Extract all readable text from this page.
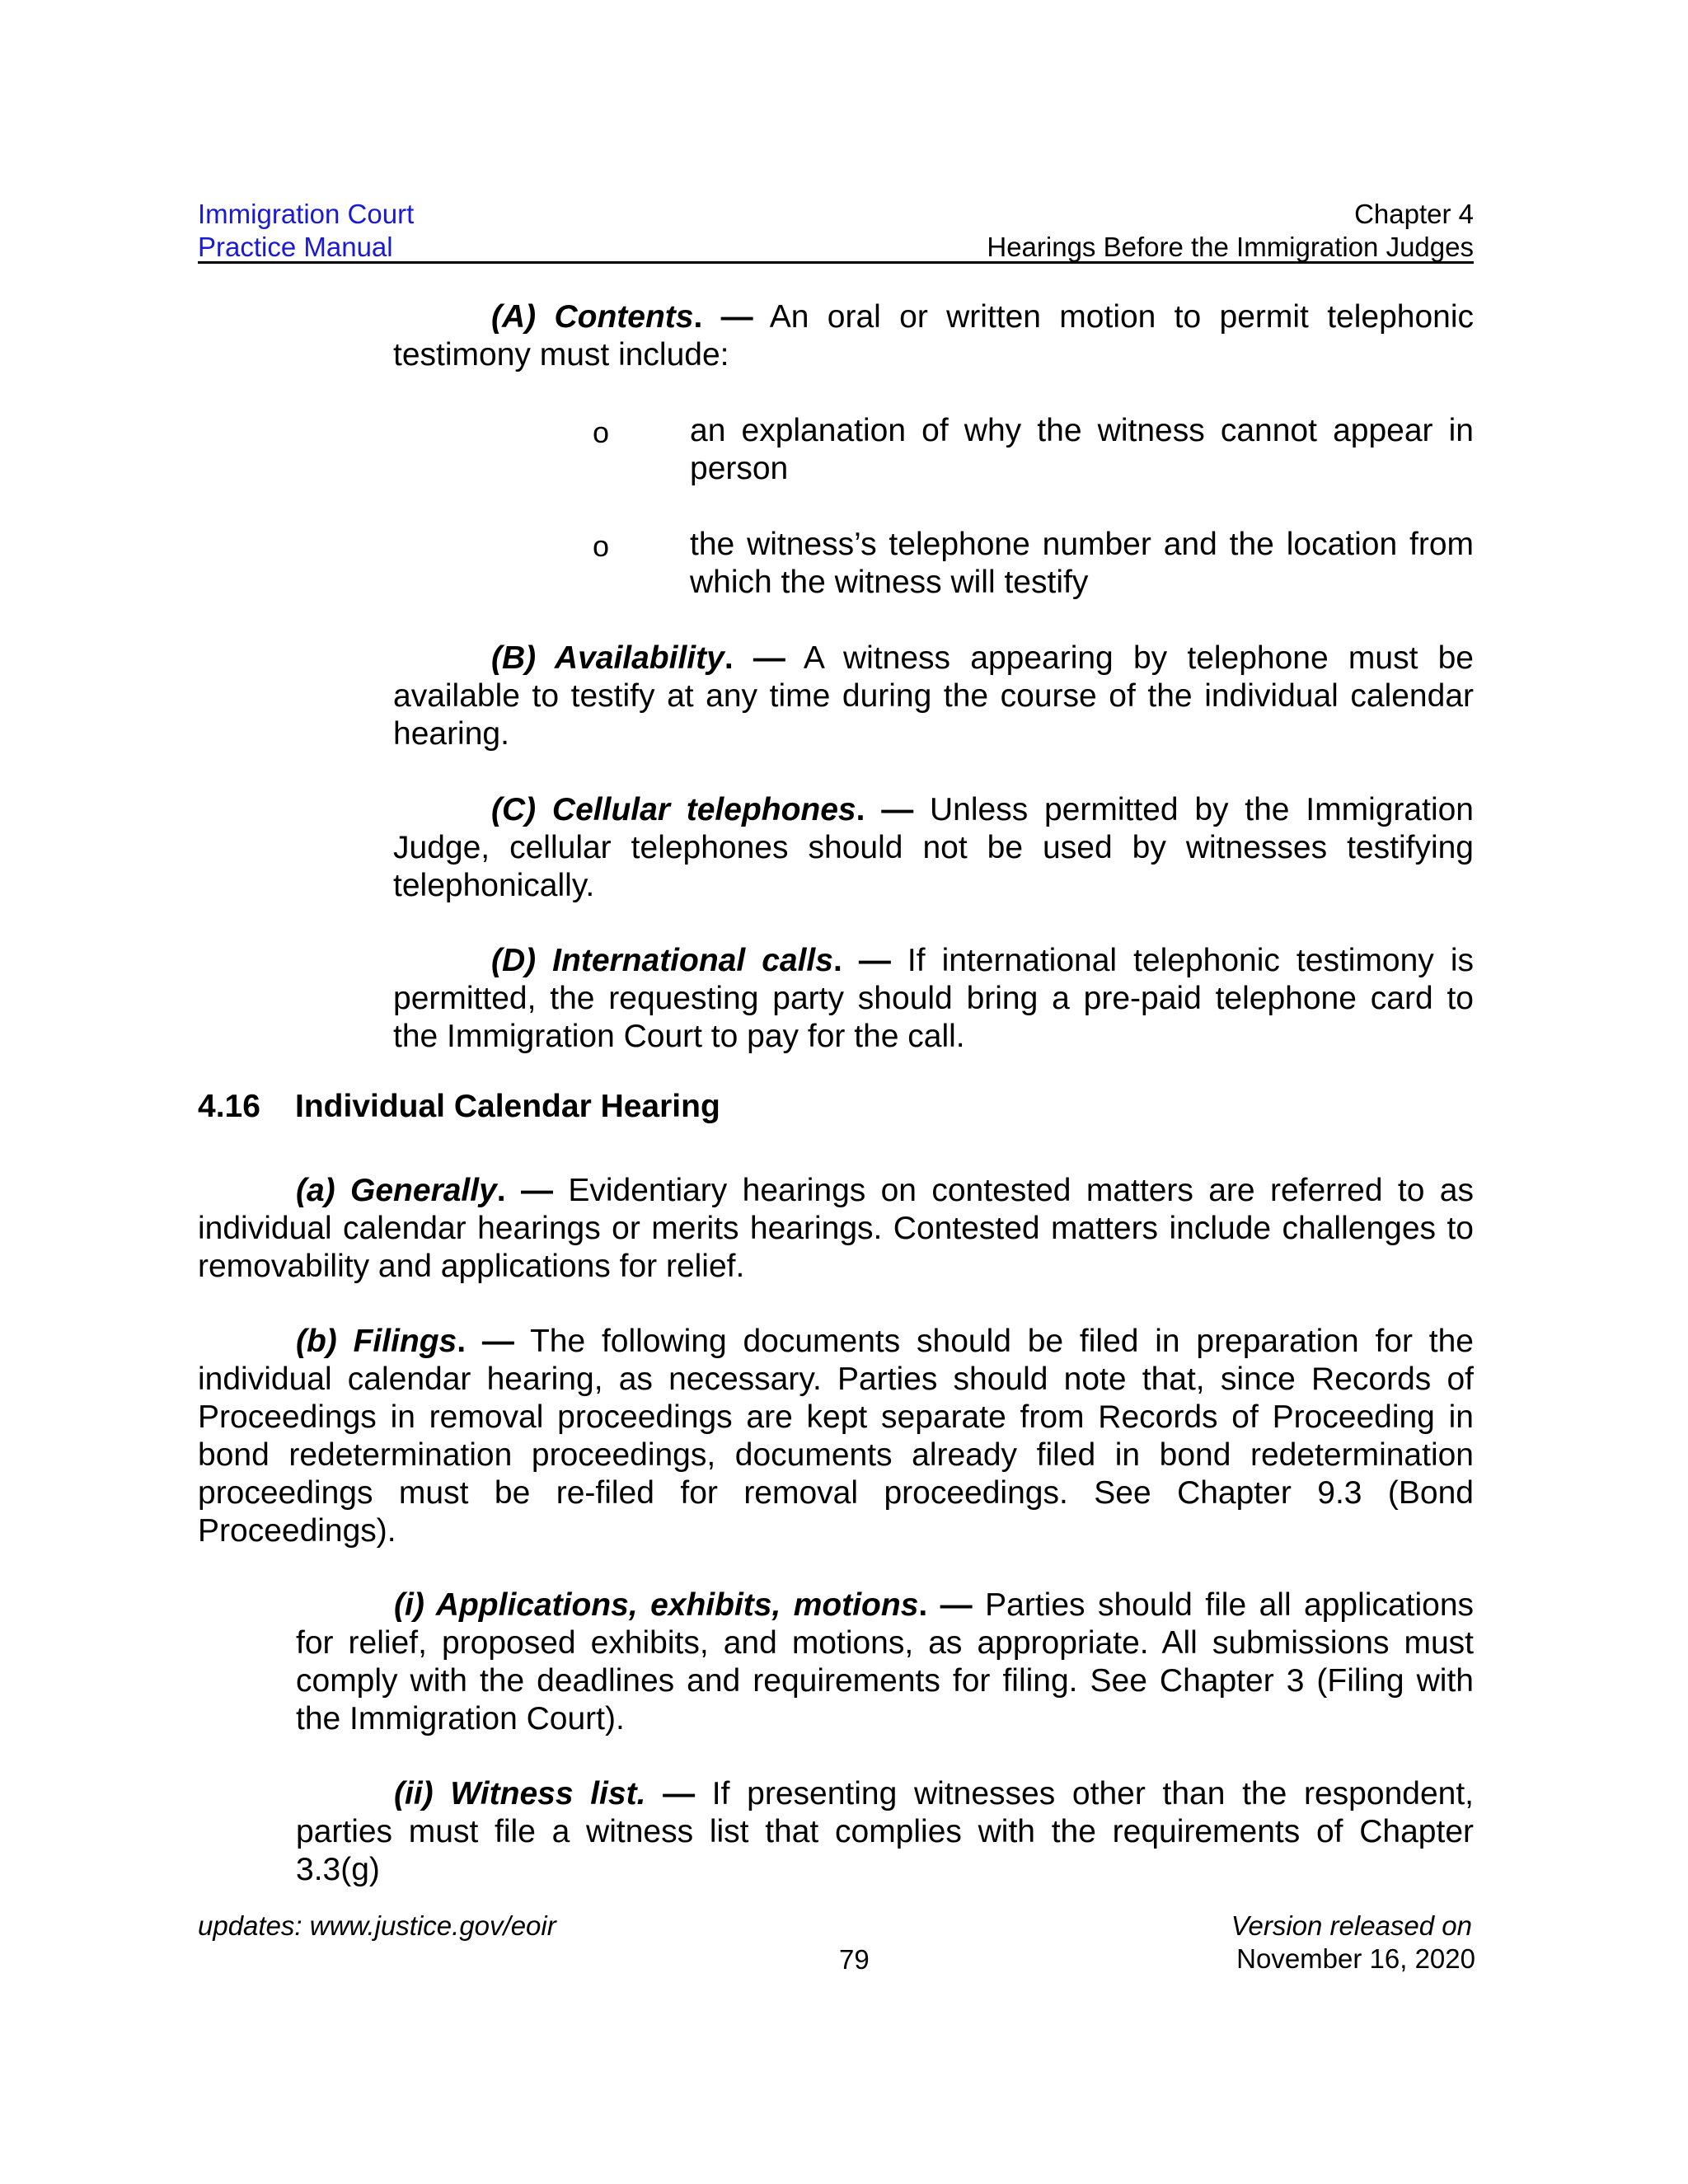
Immigration Court
Practice Manual
Chapter 4
Hearings Before the Immigration Judges
(A) Contents. — An oral or written motion to permit telephonic testimony must include:
o	an explanation of why the witness cannot appear in person
o	the witness’s telephone number and the location from which the witness will testify
(B) Availability. — A witness appearing by telephone must be available to testify at any time during the course of the individual calendar hearing.
(C) Cellular telephones. — Unless permitted by the Immigration Judge, cellular telephones should not be used by witnesses testifying telephonically.
(D) International calls. — If international telephonic testimony is permitted, the requesting party should bring a pre-paid telephone card to the Immigration Court to pay for the call.
4.16 Individual Calendar Hearing
(a) Generally. — Evidentiary hearings on contested matters are referred to as individual calendar hearings or merits hearings. Contested matters include challenges to removability and applications for relief.
(b) Filings. — The following documents should be filed in preparation for the individual calendar hearing, as necessary. Parties should note that, since Records of Proceedings in removal proceedings are kept separate from Records of Proceeding in bond redetermination proceedings, documents already filed in bond redetermination proceedings must be re-filed for removal proceedings. See Chapter 9.3 (Bond Proceedings).
(i) Applications, exhibits, motions. — Parties should file all applications for relief, proposed exhibits, and motions, as appropriate. All submissions must comply with the deadlines and requirements for filing. See Chapter 3 (Filing with the Immigration Court).
(ii) Witness list. — If presenting witnesses other than the respondent, parties must file a witness list that complies with the requirements of Chapter 3.3(g)
updates: www.justice.gov/eoir
79
Version released on
November 16, 2020
